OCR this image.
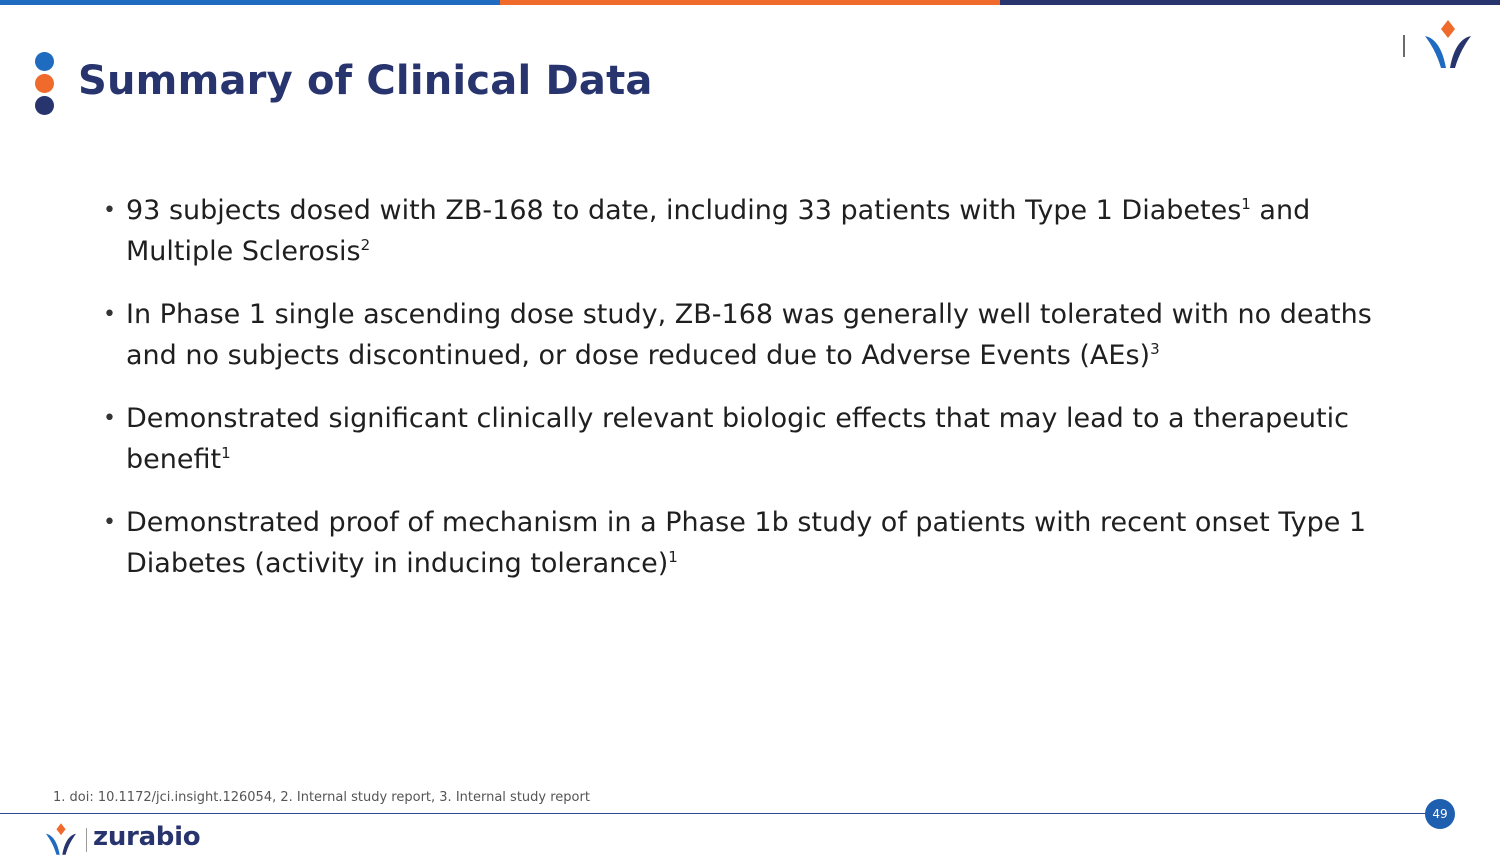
Summary of Clinical Data
• 93 subjects dosed with ZB-168 to date, including 33 patients with Type 1 Diabetes$^1$ and Multiple Sclerosis$^2$
• In Phase 1 single ascending dose study, ZB-168 was generally well tolerated with no deaths and no subjects discontinued, or dose reduced due to Adverse Events (AEs)$^3$
• Demonstrated significant clinically relevant biologic effects that may lead to a therapeutic benefit$^1$
• Demonstrated proof of mechanism in a Phase 1b study of patients with recent onset Type 1 Diabetes (activity in inducing tolerance)$^1$
1. doi: 10.1172/jci.insight.126054, 2. Internal study report, 3. Internal study report
49
zurabio
